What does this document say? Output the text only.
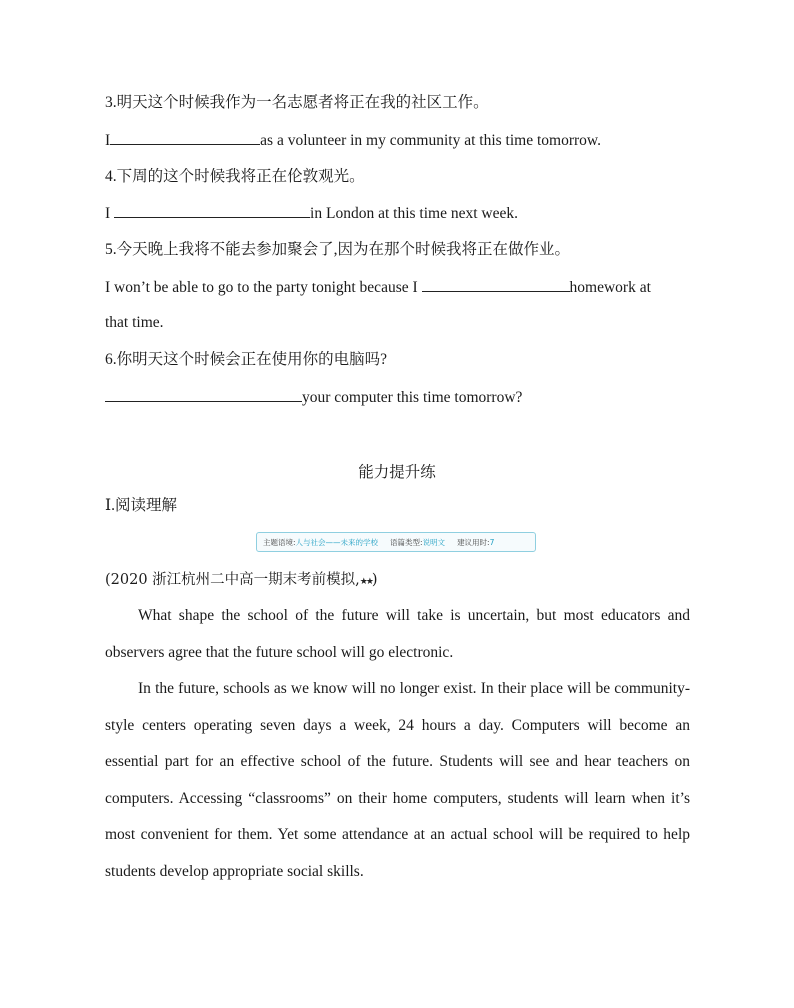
3.明天这个时候我作为一名志愿者将正在我的社区工作。
I	as a volunteer in my community at this time tomorrow.
4.下周的这个时候我将正在伦敦观光。
I	in London at this time next week.
5.今天晚上我将不能去参加聚会了,因为在那个时候我将正在做作业。
I won’t be able to go to the party tonight because I	homework at
that time.
6.你明天这个时候会正在使用你的电脑吗?
your computer this time tomorrow?
能力提升练
Ⅰ.阅读理解
主题语境: 人与社会——未来的学校 语篇类型: 说明文 建议用时: 7
(2020 浙江杭州二中高一期末考前模拟,★★)
What shape the school of the future will take is uncertain, but most educators and observers agree that the future school will go electronic.
In the future, schools as we know will no longer exist. In their place will be community-style centers operating seven days a week, 24 hours a day. Computers will become an essential part for an effective school of the future. Students will see and hear teachers on computers. Accessing “classrooms” on their home computers, students will learn when it’s most convenient for them. Yet some attendance at an actual school will be required to help students develop appropriate social skills.
